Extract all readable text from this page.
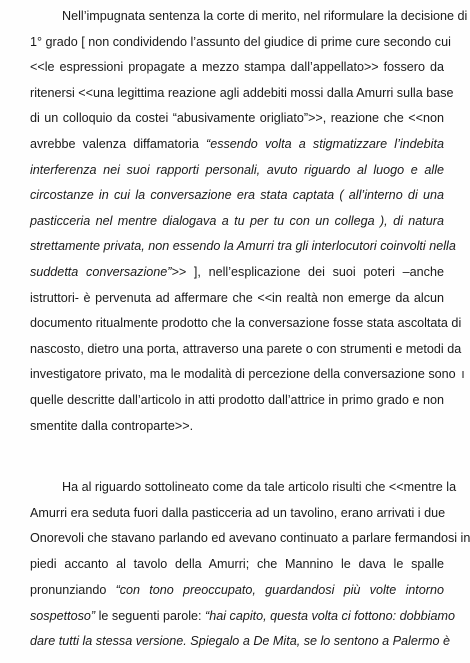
Nell’impugnata sentenza la corte di merito, nel riformulare la decisione di
1° grado [ non condividendo l’assunto del giudice di prime cure secondo cui
<<le espressioni propagate a mezzo stampa dall’appellato>> fossero da
ritenersi <<una legittima reazione agli addebiti mossi dalla Amurri sulla base
di un colloquio da costei “abusivamente origliato”>>, reazione che <<non
avrebbe valenza diffamatoria “essendo volta a stigmatizzare l’indebita
interferenza nei suoi rapporti personali, avuto riguardo al luogo e alle
circostanze in cui la conversazione era stata captata ( all’interno di una
pasticceria nel mentre dialogava a tu per tu con un collega ), di natura
strettamente privata, non essendo la Amurri tra gli interlocutori coinvolti nella
suddetta conversazione”>> ], nell’esplicazione dei suoi poteri –anche
istruttori- è pervenuta ad affermare che <<in realtà non emerge da alcun
documento ritualmente prodotto che la conversazione fosse stata ascoltata di
nascosto, dietro una porta, attraverso una parete o con strumenti e metodi da
investigatore privato, ma le modalità di percezione della conversazione sono
quelle descritte dall’articolo in atti prodotto dall’attrice in primo grado e non
smentite dalla controparte>>.
Ha al riguardo sottolineato come da tale articolo risulti che <<mentre la
Amurri era seduta fuori dalla pasticceria ad un tavolino, erano arrivati i due
Onorevoli che stavano parlando ed avevano continuato a parlare fermandosi in
piedi accanto al tavolo della Amurri; che Mannino le dava le spalle
pronunziando “con tono preoccupato, guardandosi più volte intorno
sospettoso” le seguenti parole: “hai capito, questa volta ci fottono: dobbiamo
dare tutti la stessa versione. Spiegalo a De Mita, se lo sentono a Palermo è
